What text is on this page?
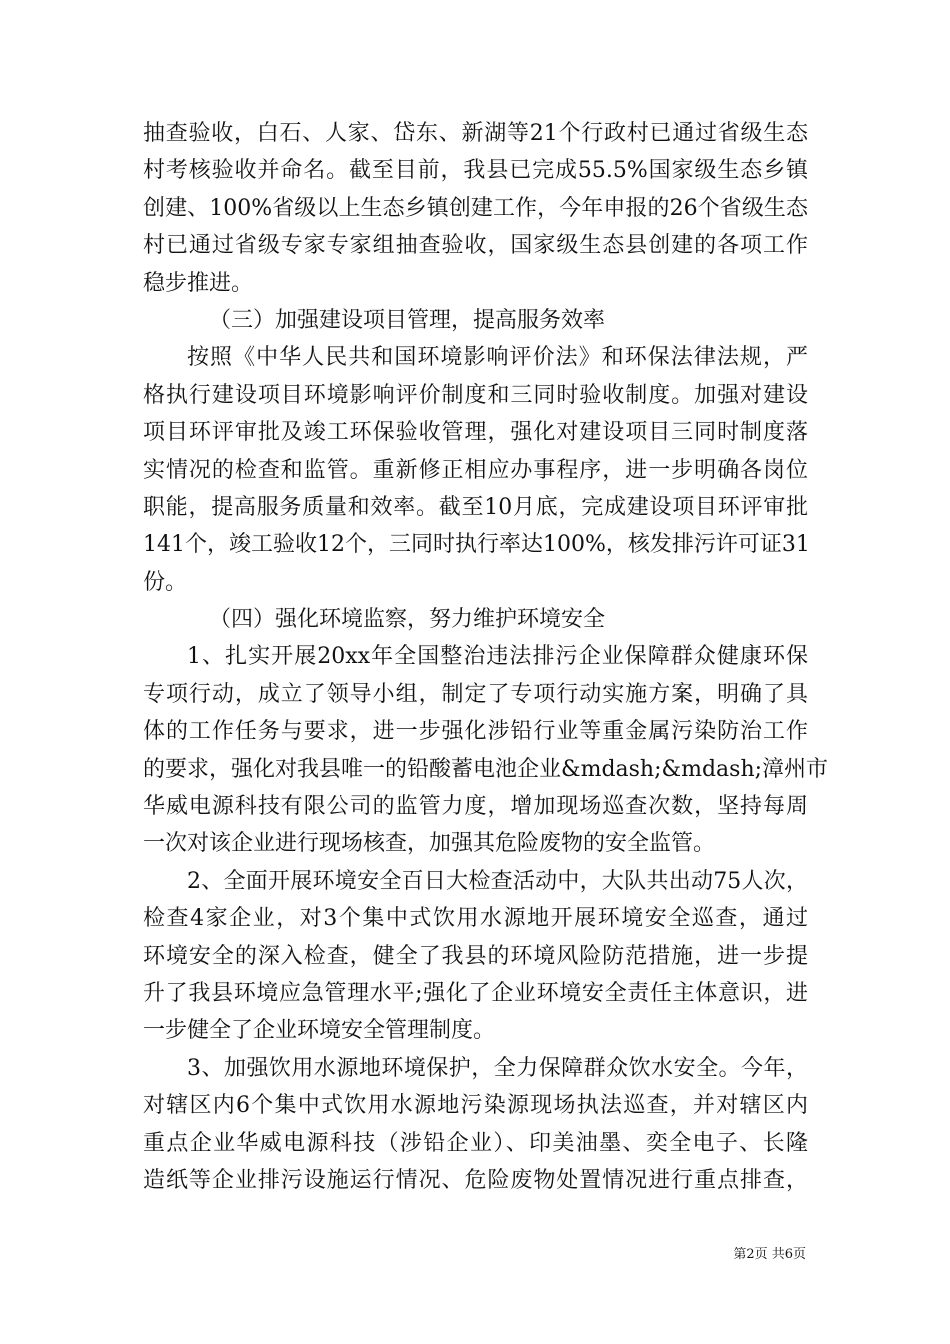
抽查验收，白石、人家、岱东、新湖等21个行政村已通过省级生态
村考核验收并命名。截至目前，我县已完成55.5%国家级生态乡镇
创建、100%省级以上生态乡镇创建工作，今年申报的26个省级生态
村已通过省级专家专家组抽查验收，国家级生态县创建的各项工作
稳步推进。
（三）加强建设项目管理，提高服务效率
按照《中华人民共和国环境影响评价法》和环保法律法规，严
格执行建设项目环境影响评价制度和三同时验收制度。加强对建设
项目环评审批及竣工环保验收管理，强化对建设项目三同时制度落
实情况的检查和监管。重新修正相应办事程序，进一步明确各岗位
职能，提高服务质量和效率。截至10月底，完成建设项目环评审批
141个，竣工验收12个，三同时执行率达100%，核发排污许可证31
份。
（四）强化环境监察，努力维护环境安全
1、扎实开展20xx年全国整治违法排污企业保障群众健康环保
专项行动，成立了领导小组，制定了专项行动实施方案，明确了具
体的工作任务与要求，进一步强化涉铅行业等重金属污染防治工作
的要求，强化对我县唯一的铅酸蓄电池企业&mdash;&mdash;漳州市
华威电源科技有限公司的监管力度，增加现场巡查次数，坚持每周
一次对该企业进行现场核查，加强其危险废物的安全监管。
2、全面开展环境安全百日大检查活动中，大队共出动75人次，
检查4家企业，对3个集中式饮用水源地开展环境安全巡查，通过
环境安全的深入检查，健全了我县的环境风险防范措施，进一步提
升了我县环境应急管理水平;强化了企业环境安全责任主体意识，进
一步健全了企业环境安全管理制度。
3、加强饮用水源地环境保护，全力保障群众饮水安全。今年，
对辖区内6个集中式饮用水源地污染源现场执法巡查，并对辖区内
重点企业华威电源科技（涉铅企业）、印美油墨、奕全电子、长隆
造纸等企业排污设施运行情况、危险废物处置情况进行重点排查，
第2页 共6页
